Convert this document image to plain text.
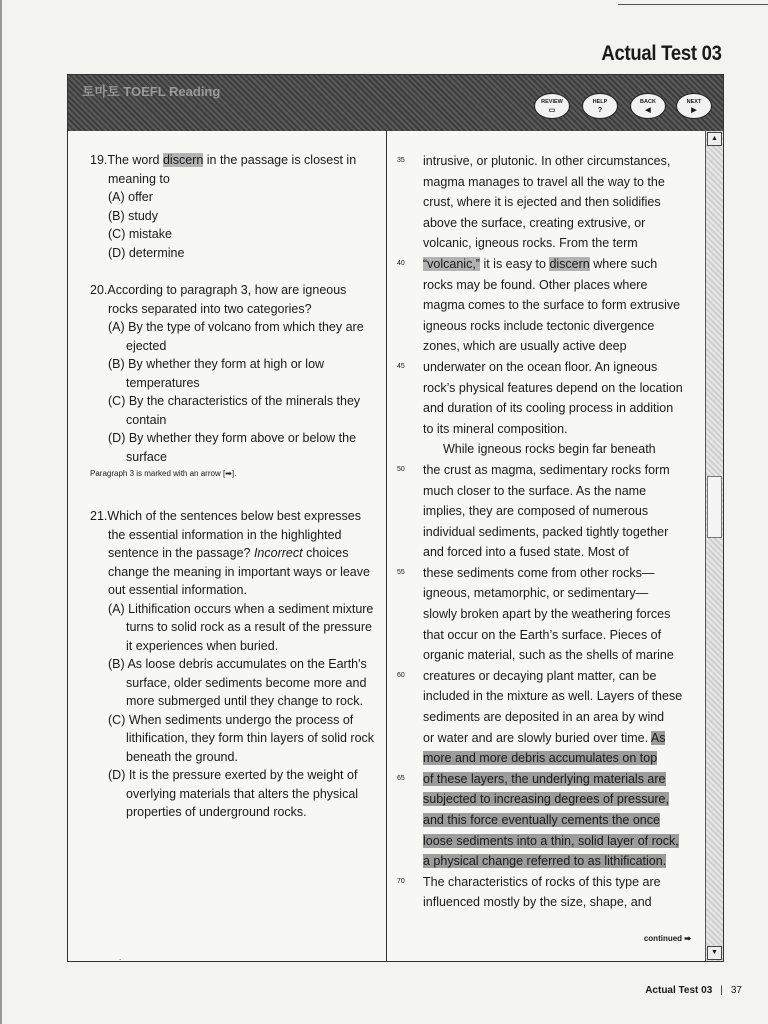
Actual Test 03
토마토 TOEFL Reading
REVIEW
▭
HELP
?
BACK
◀
NEXT
▶
19.The word discern in the passage is closest in meaning to
(A) offer
(B) study
(C) mistake
(D) determine
20.According to paragraph 3, how are igneous rocks separated into two categories?
(A) By the type of volcano from which they are ejected
(B) By whether they form at high or low temperatures
(C) By the characteristics of the minerals they contain
(D) By whether they form above or below the surface
Paragraph 3 is marked with an arrow [➡].
21.Which of the sentences below best expresses the essential information in the highlighted sentence in the passage? Incorrect choices change the meaning in important ways or leave out essential information.
(A) Lithification occurs when a sediment mixture turns to solid rock as a result of the pressure it experiences when buried.
(B) As loose debris accumulates on the Earth's surface, older sediments become more and more submerged until they change to rock.
(C) When sediments undergo the process of lithification, they form thin layers of solid rock beneath the ground.
(D) It is the pressure exerted by the weight of overlying materials that alters the physical properties of underground rocks.
35 intrusive, or plutonic. In other circumstances,
magma manages to travel all the way to the
crust, where it is ejected and then solidifies
above the surface, creating extrusive, or
volcanic, igneous rocks. From the term
40 “volcanic,” it is easy to discern where such
rocks may be found. Other places where
magma comes to the surface to form extrusive
igneous rocks include tectonic divergence
zones, which are usually active deep
45 underwater on the ocean floor. An igneous
rock’s physical features depend on the location
and duration of its cooling process in addition
to its mineral composition.
While igneous rocks begin far beneath
50 the crust as magma, sedimentary rocks form
much closer to the surface. As the name
implies, they are composed of numerous
individual sediments, packed tightly together
and forced into a fused state. Most of
55 these sediments come from other rocks—
igneous, metamorphic, or sedimentary—
slowly broken apart by the weathering forces
that occur on the Earth’s surface. Pieces of
organic material, such as the shells of marine
60 creatures or decaying plant matter, can be
included in the mixture as well. Layers of these
sediments are deposited in an area by wind
or water and are slowly buried over time. As
more and more debris accumulates on top
65 of these layers, the underlying materials are
subjected to increasing degrees of pressure,
and this force eventually cements the once
loose sediments into a thin, solid layer of rock,
a physical change referred to as lithification.
70 The characteristics of rocks of this type are
influenced mostly by the size, shape, and
continued ➡
▲
▼
.
Actual Test 03 | 37
